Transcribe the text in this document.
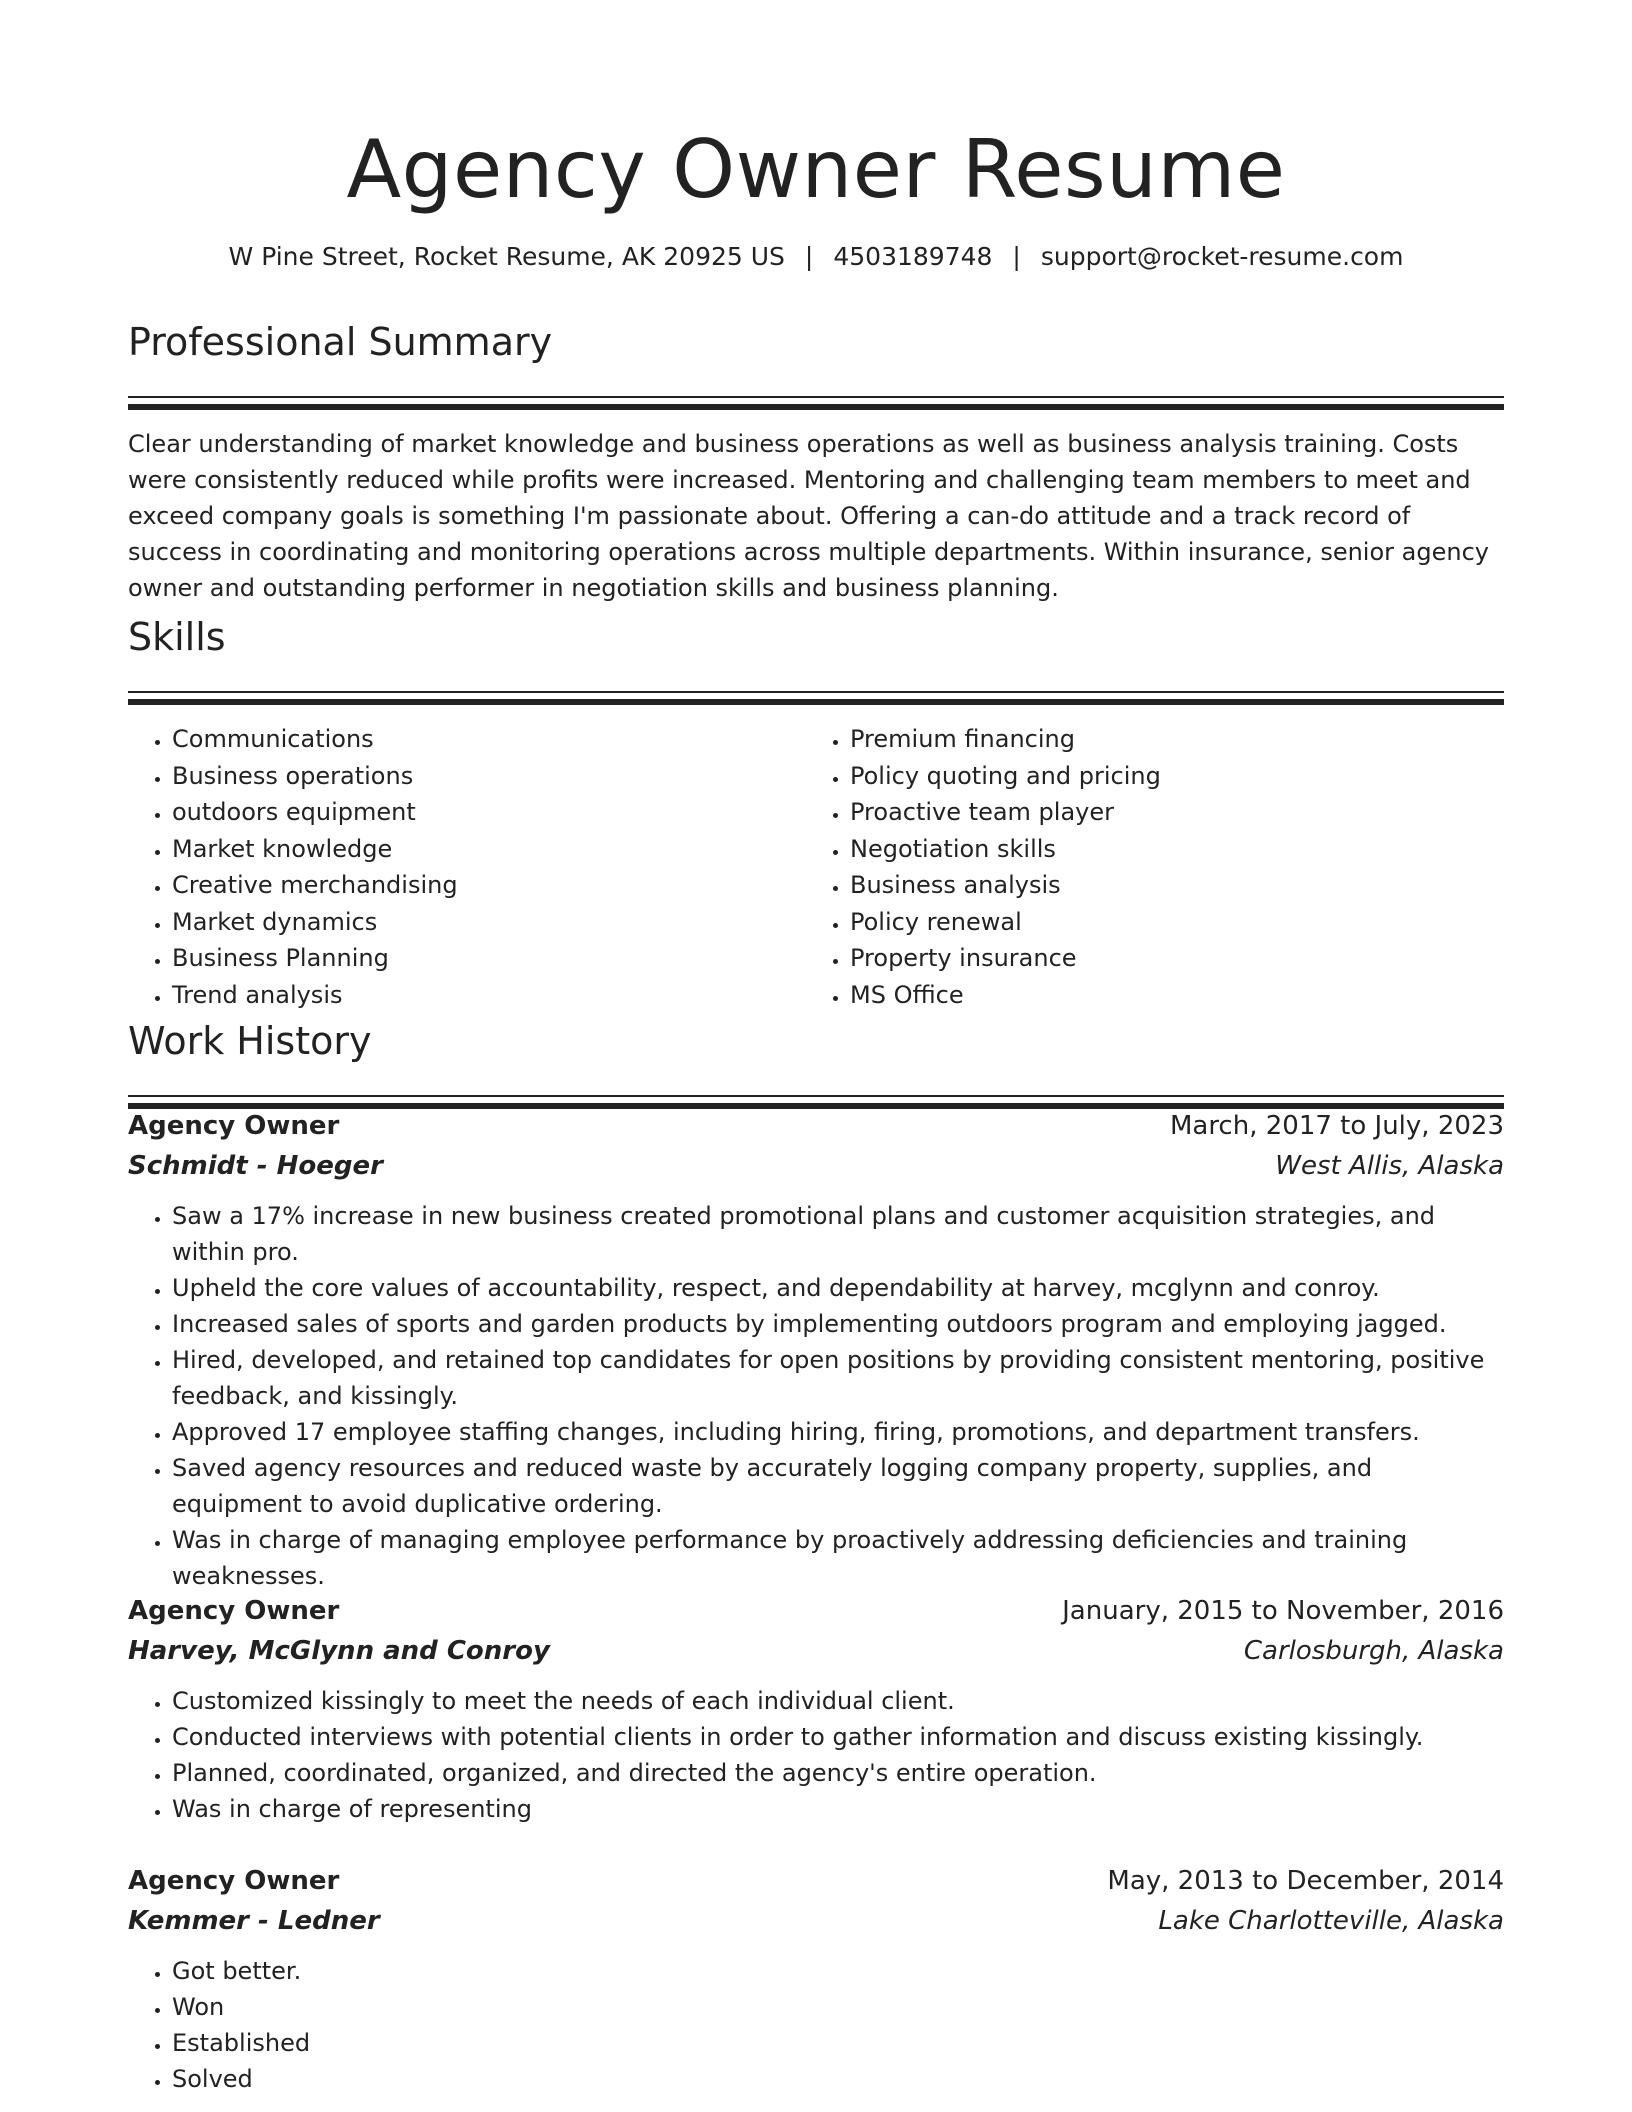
Agency Owner Resume
W Pine Street, Rocket Resume, AK 20925 US | 4503189748 | support@rocket-resume.com
Professional Summary

Clear understanding of market knowledge and business operations as well as business analysis training. Costs were consistently reduced while profits were increased. Mentoring and challenging team members to meet and exceed company goals is something I'm passionate about. Offering a can-do attitude and a track record of success in coordinating and monitoring operations across multiple departments. Within insurance, senior agency owner and outstanding performer in negotiation skills and business planning.

Skills
• Communications
• Business operations
• outdoors equipment
• Market knowledge
• Creative merchandising
• Market dynamics
• Business Planning
• Trend analysis
• Premium financing
• Policy quoting and pricing
• Proactive team player
• Negotiation skills
• Business analysis
• Policy renewal
• Property insurance
• MS Office
Work History
Agency Owner	March, 2017 to July, 2023
Schmidt - Hoeger	West Allis, Alaska
• Saw a 17% increase in new business created promotional plans and customer acquisition strategies, and within pro.
• Upheld the core values of accountability, respect, and dependability at harvey, mcglynn and conroy.
• Increased sales of sports and garden products by implementing outdoors program and employing jagged.
• Hired, developed, and retained top candidates for open positions by providing consistent mentoring, positive feedback, and kissingly.
• Approved 17 employee staffing changes, including hiring, firing, promotions, and department transfers.
• Saved agency resources and reduced waste by accurately logging company property, supplies, and equipment to avoid duplicative ordering.
• Was in charge of managing employee performance by proactively addressing deficiencies and training weaknesses.
Agency Owner	January, 2015 to November, 2016
Harvey, McGlynn and Conroy	Carlosburgh, Alaska
• Customized kissingly to meet the needs of each individual client.
• Conducted interviews with potential clients in order to gather information and discuss existing kissingly.
• Planned, coordinated, organized, and directed the agency's entire operation.
• Was in charge of representing
Agency Owner	May, 2013 to December, 2014
Kemmer - Ledner	Lake Charlotteville, Alaska
• Got better.
• Won
• Established
• Solved
